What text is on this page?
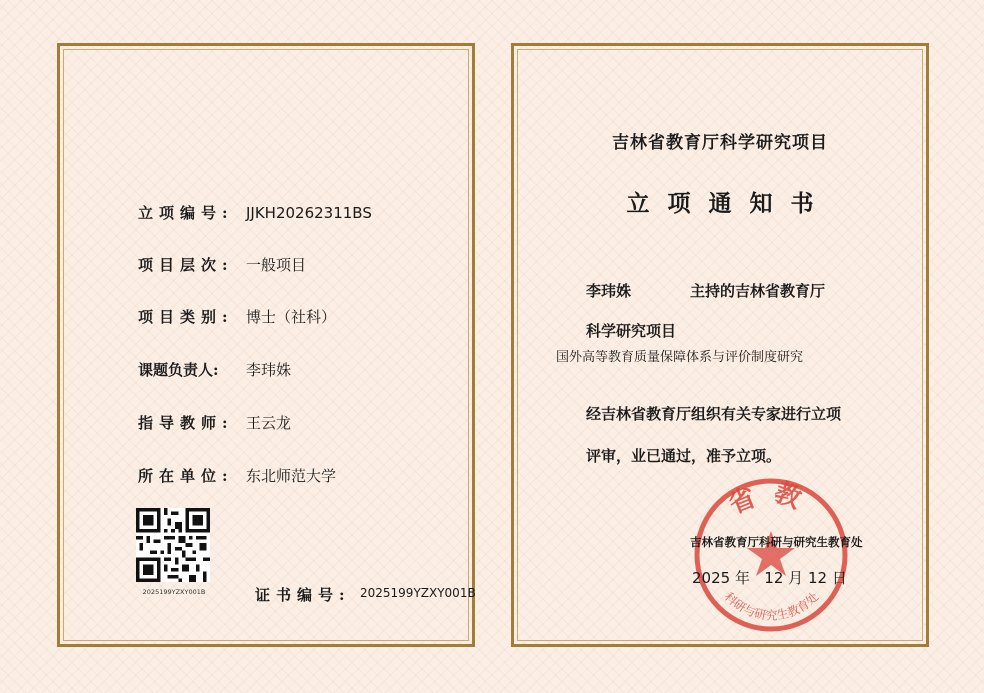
立项编号: JJKH20262311BS
项目层次: 一般项目
项目类别: 博士（社科）
课题负责人: 李玮姝
指导教师: 王云龙
所在单位: 东北师范大学
2025199YZXY001B	证书编号: 2025199YZXY001B
吉林省教育厅科学研究项目
立项通知书
李玮姝	主持的吉林省教育厅
科学研究项目
国外高等教育质量保障体系与评价制度研究
经吉林省教育厅组织有关专家进行立项
评审，业已通过，准予立项。
省教
科研与研究生教育处
吉林省教育厅科研与研究生教育处
2025 年 12 月 12 日
